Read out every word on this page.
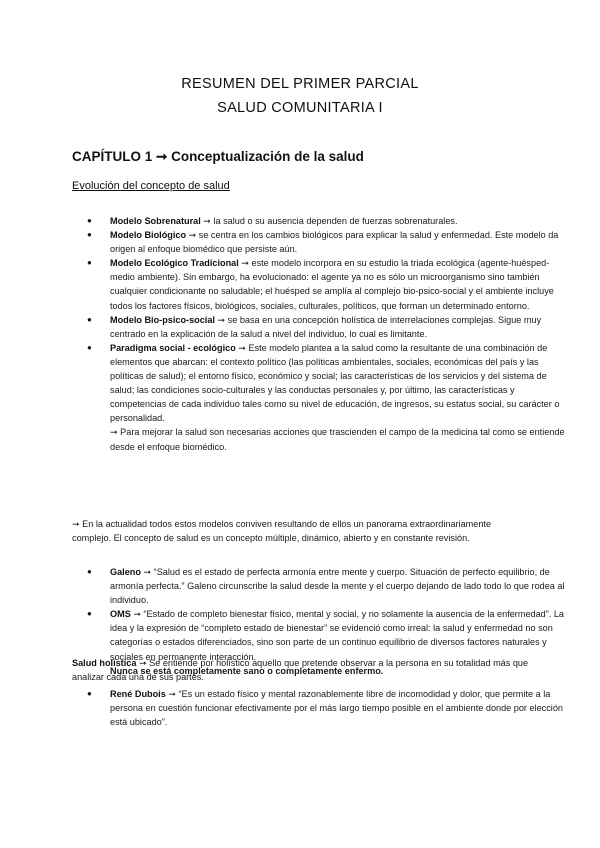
RESUMEN DEL PRIMER PARCIAL
SALUD COMUNITARIA I
CAPÍTULO 1 ➞ Conceptualización de la salud
Evolución del concepto de salud
● Modelo Sobrenatural ➞ la salud o su ausencia dependen de fuerzas sobrenaturales.
● Modelo Biológico ➞ se centra en los cambios biológicos para explicar la salud y enfermedad. Este modelo da origen al enfoque biomédico que persiste aún.
● Modelo Ecológico Tradicional ➞ este modelo incorpora en su estudio la triada ecológica (agente-huésped-medio ambiente). Sin embargo, ha evolucionado: el agente ya no es sólo un microorganismo sino también cualquier condicionante no saludable; el huésped se amplía al complejo bio-psico-social y el ambiente incluye todos los factores físicos, biológicos, sociales, culturales, políticos, que forman un determinado entorno.
● Modelo Bio-psico-social ➞ se basa en una concepción holística de interrelaciones complejas. Sigue muy centrado en la explicación de la salud a nivel del individuo, lo cual es limitante.
● Paradigma social - ecológico ➞ Este modelo plantea a la salud como la resultante de una combinación de elementos que abarcan: el contexto político (las políticas ambientales, sociales, económicas del país y las políticas de salud); el entorno físico, económico y social; las características de los servicios y del sistema de salud; las condiciones socio-culturales y las conductas personales y, por último, las características y competencias de cada individuo tales como su nivel de educación, de ingresos, su estatus social, su carácter o personalidad.
➞ Para mejorar la salud son necesarias acciones que trascienden el campo de la medicina tal como se entiende desde el enfoque biomédico.

➞ En la actualidad todos estos modelos conviven resultando de ellos un panorama extraordinariamente complejo. El concepto de salud es un concepto múltiple, dinámico, abierto y en constante revisión.

● Galeno ➞ “Salud es el estado de perfecta armonía entre mente y cuerpo. Situación de perfecto equilibrio, de armonía perfecta.” Galeno circunscribe la salud desde la mente y el cuerpo dejando de lado todo lo que rodea al individuo.
● OMS ➞ “Estado de completo bienestar físico, mental y social, y no solamente la ausencia de la enfermedad”. La idea y la expresión de “completo estado de bienestar” se evidenció como irreal: la salud y enfermedad no son categorías o estados diferenciados, sino son parte de un continuo equilibrio de diversos factores naturales y sociales en permanente interacción.
Nunca se está completamente sano o completamente enfermo.

Salud holística ➞ Se entiende por holístico aquello que pretende observar a la persona en su totalidad más que analizar cada una de sus partes.

● René Dubois ➞ “Es un estado físico y mental razonablemente libre de incomodidad y dolor, que permite a la persona en cuestión funcionar efectivamente por el más largo tiempo posible en el ambiente donde por elección está ubicado”.
